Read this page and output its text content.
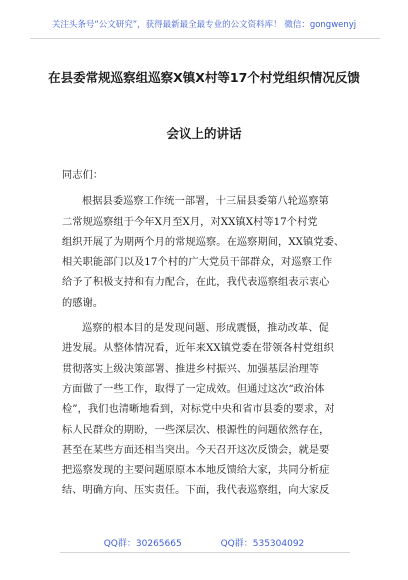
关注头条号“公文研究”，获得最新最全最专业的公文资料库！ 微信：gongwenyj
在县委常规巡察组巡察X镇X村等17个村党组织情况反馈
会议上的讲话
同志们：
根据县委巡察工作统一部署，十三届县委第八轮巡察第
二常规巡察组于今年X月至X月，对XX镇X村等17个村党
组织开展了为期两个月的常规巡察。在巡察期间，XX镇党委、
相关职能部门以及17个村的广大党员干部群众，对巡察工作
给予了积极支持和有力配合，在此，我代表巡察组表示衷心
的感谢。
巡察的根本目的是发现问题、形成震慑，推动改革、促
进发展。从整体情况看，近年来XX镇党委在带领各村党组织
贯彻落实上级决策部署、推进乡村振兴、加强基层治理等
方面做了一些工作，取得了一定成效。但通过这次“政治体
检”，我们也清晰地看到，对标党中央和省市县委的要求，对
标人民群众的期盼，一些深层次、根源性的问题依然存在，
甚至在某些方面还相当突出。今天召开这次反馈会，就是要
把巡察发现的主要问题原原本本地反馈给大家，共同分析症
结、明确方向、压实责任。下面，我代表巡察组，向大家反
QQ群：30265665	QQ群：535304092
